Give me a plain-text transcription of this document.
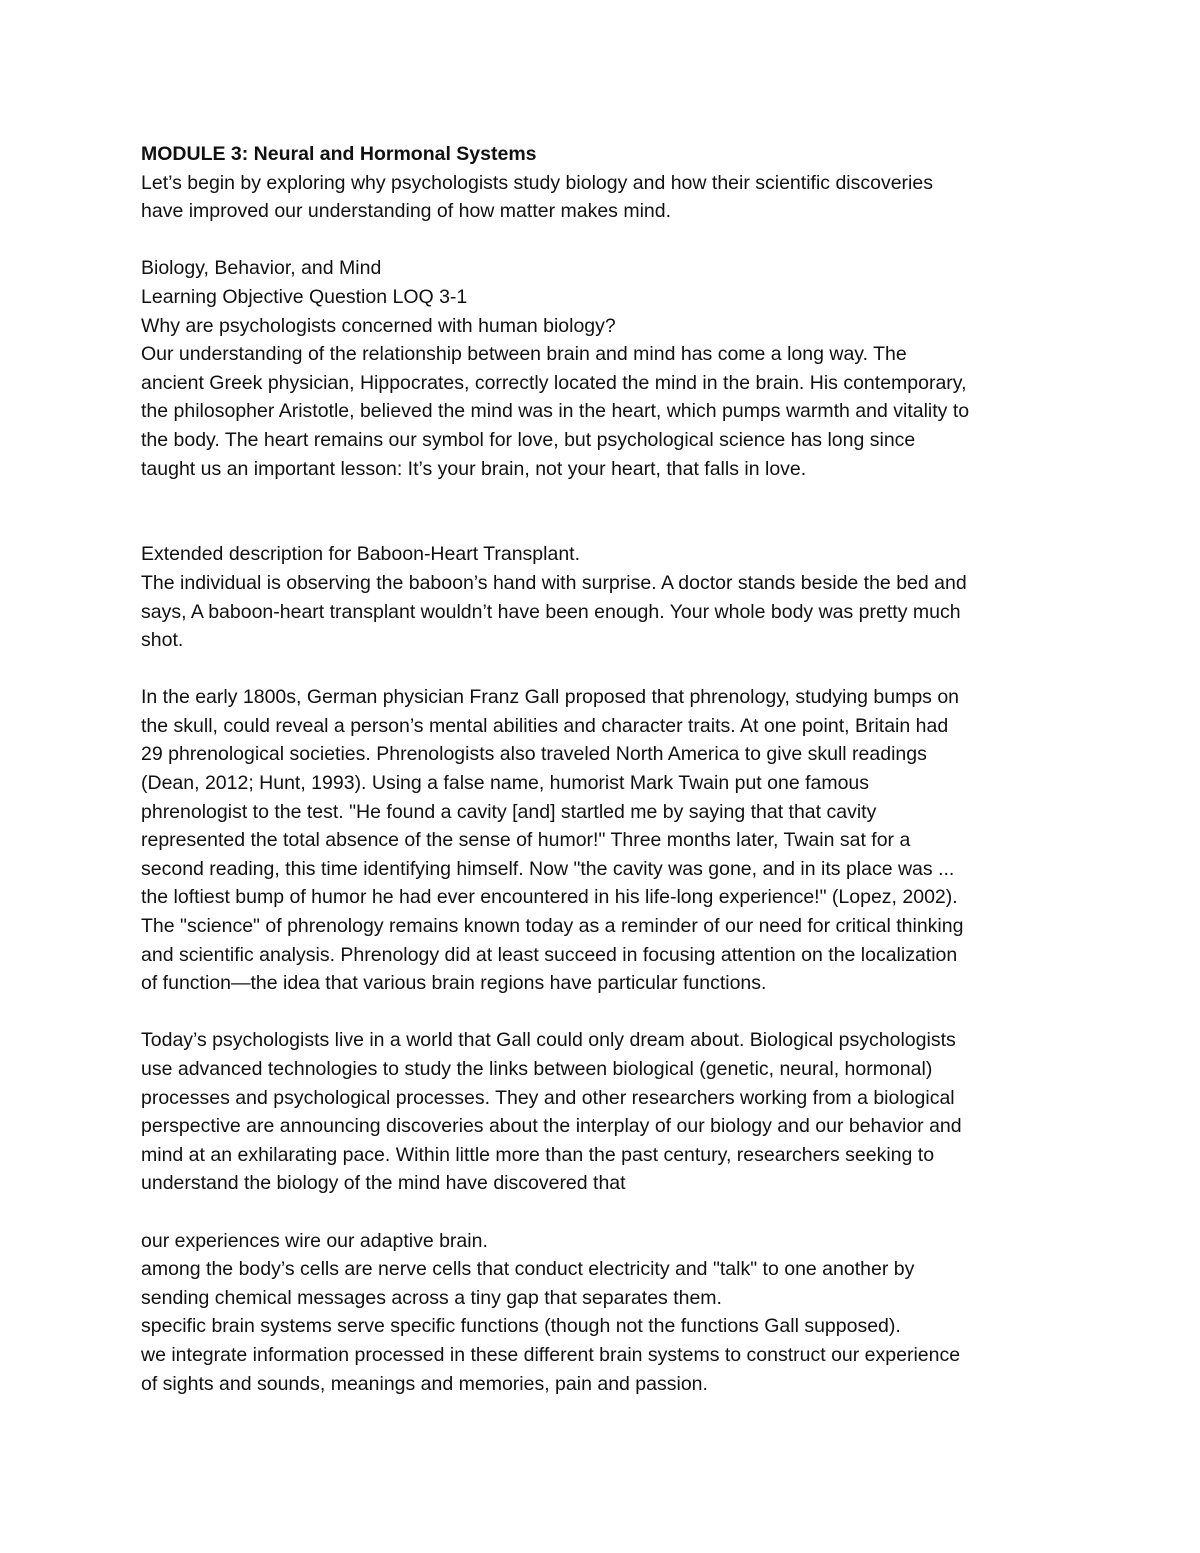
MODULE 3: Neural and Hormonal Systems
Let’s begin by exploring why psychologists study biology and how their scientific discoveries
have improved our understanding of how matter makes mind.
Biology, Behavior, and Mind
Learning Objective Question LOQ 3-1
Why are psychologists concerned with human biology?
Our understanding of the relationship between brain and mind has come a long way. The
ancient Greek physician, Hippocrates, correctly located the mind in the brain. His contemporary,
the philosopher Aristotle, believed the mind was in the heart, which pumps warmth and vitality to
the body. The heart remains our symbol for love, but psychological science has long since
taught us an important lesson: It’s your brain, not your heart, that falls in love.
Extended description for Baboon-Heart Transplant.
The individual is observing the baboon’s hand with surprise. A doctor stands beside the bed and
says, A baboon-heart transplant wouldn’t have been enough. Your whole body was pretty much
shot.
In the early 1800s, German physician Franz Gall proposed that phrenology, studying bumps on
the skull, could reveal a person’s mental abilities and character traits. At one point, Britain had
29 phrenological societies. Phrenologists also traveled North America to give skull readings
(Dean, 2012; Hunt, 1993). Using a false name, humorist Mark Twain put one famous
phrenologist to the test. "He found a cavity [and] startled me by saying that that cavity
represented the total absence of the sense of humor!" Three months later, Twain sat for a
second reading, this time identifying himself. Now "the cavity was gone, and in its place was ...
the loftiest bump of humor he had ever encountered in his life-long experience!" (Lopez, 2002).
The "science" of phrenology remains known today as a reminder of our need for critical thinking
and scientific analysis. Phrenology did at least succeed in focusing attention on the localization
of function—the idea that various brain regions have particular functions.
Today’s psychologists live in a world that Gall could only dream about. Biological psychologists
use advanced technologies to study the links between biological (genetic, neural, hormonal)
processes and psychological processes. They and other researchers working from a biological
perspective are announcing discoveries about the interplay of our biology and our behavior and
mind at an exhilarating pace. Within little more than the past century, researchers seeking to
understand the biology of the mind have discovered that
our experiences wire our adaptive brain.
among the body’s cells are nerve cells that conduct electricity and "talk" to one another by
sending chemical messages across a tiny gap that separates them.
specific brain systems serve specific functions (though not the functions Gall supposed).
we integrate information processed in these different brain systems to construct our experience
of sights and sounds, meanings and memories, pain and passion.
